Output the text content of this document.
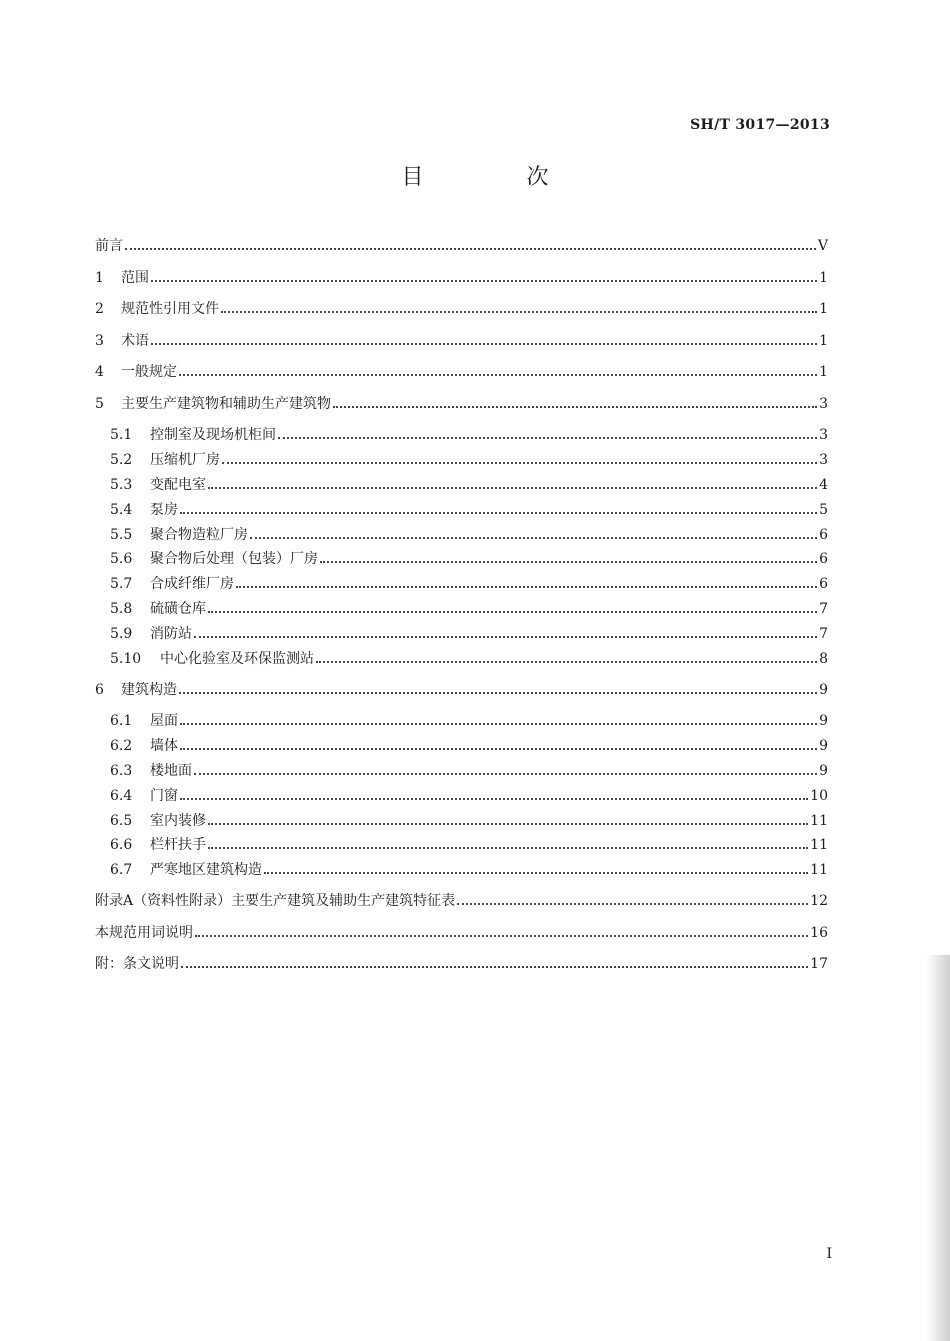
SH/T 3017—2013
目 次
前言	V
1	范围	1
2	规范性引用文件	1
3	术语	1
4	一般规定	1
5	主要生产建筑物和辅助生产建筑物	3
5.1	控制室及现场机柜间	3
5.2	压缩机厂房	3
5.3	变配电室	4
5.4	泵房	5
5.5	聚合物造粒厂房	6
5.6	聚合物后处理（包装）厂房	6
5.7	合成纤维厂房	6
5.8	硫磺仓库	7
5.9	消防站	7
5.10	中心化验室及环保监测站	8
6	建筑构造	9
6.1	屋面	9
6.2	墙体	9
6.3	楼地面	9
6.4	门窗	10
6.5	室内装修	11
6.6	栏杆扶手	11
6.7	严寒地区建筑构造	11
附录A（资料性附录）主要生产建筑及辅助生产建筑特征表	12
本规范用词说明	16
附：条文说明	17
I
